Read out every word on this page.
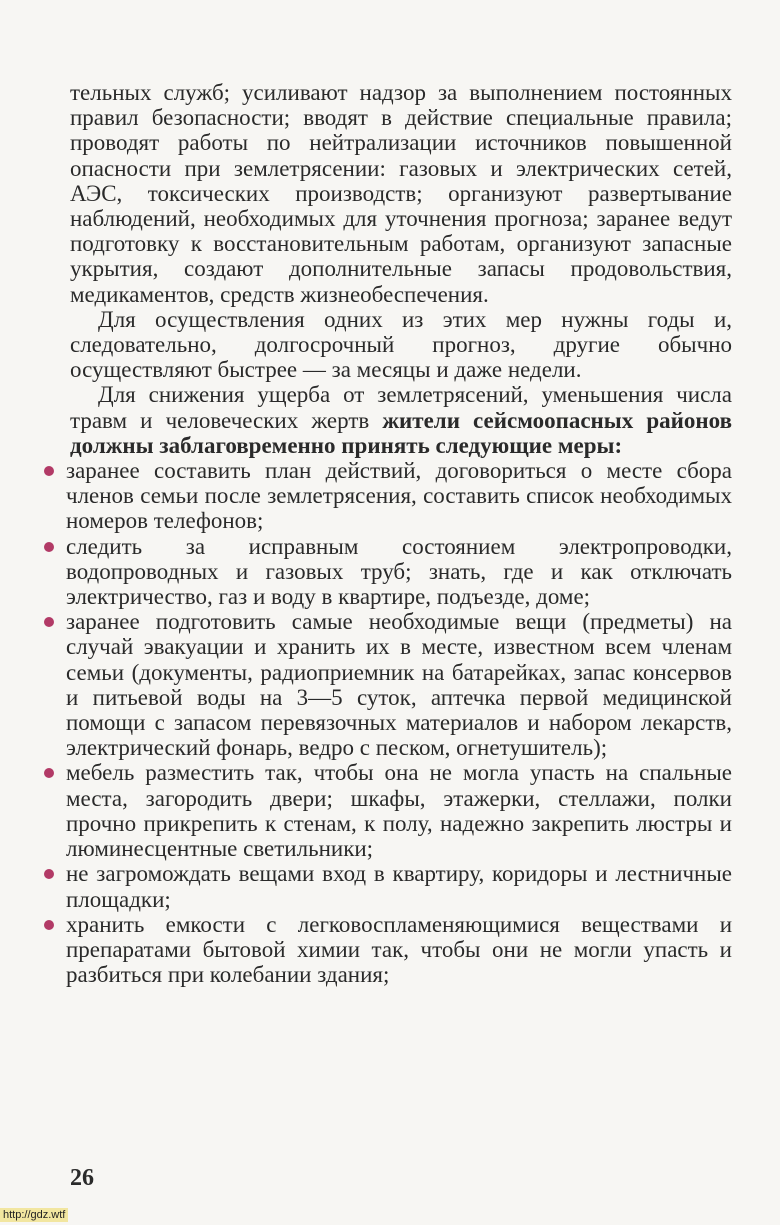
тельных служб; усиливают надзор за выполнением постоянных правил безопасности; вводят в действие специальные правила; проводят работы по нейтрализации источников повышенной опасности при землетрясении: газовых и электрических сетей, АЭС, токсических производств; организуют развертывание наблюдений, необходимых для уточнения прогноза; заранее ведут подготовку к восстановительным работам, организуют запасные укрытия, создают дополнительные запасы продовольствия, медикаментов, средств жизнеобеспечения.

Для осуществления одних из этих мер нужны годы и, следовательно, долгосрочный прогноз, другие обычно осуществляют быстрее — за месяцы и даже недели.

Для снижения ущерба от землетрясений, уменьшения числа травм и человеческих жертв жители сейсмоопасных районов должны заблаговременно принять следующие меры:

заранее составить план действий, договориться о месте сбора членов семьи после землетрясения, составить список необходимых номеров телефонов;
следить за исправным состоянием электропроводки, водопроводных и газовых труб; знать, где и как отключать электричество, газ и воду в квартире, подъезде, доме;
заранее подготовить самые необходимые вещи (предметы) на случай эвакуации и хранить их в месте, известном всем членам семьи (документы, радиоприемник на батарейках, запас консервов и питьевой воды на 3—5 суток, аптечка первой медицинской помощи с запасом перевязочных материалов и набором лекарств, электрический фонарь, ведро с песком, огнетушитель);
мебель разместить так, чтобы она не могла упасть на спальные места, загородить двери; шкафы, этажерки, стеллажи, полки прочно прикрепить к стенам, к полу, надежно закрепить люстры и люминесцентные светильники;
не загромождать вещами вход в квартиру, коридоры и лестничные площадки;
хранить емкости с легковоспламеняющимися веществами и препаратами бытовой химии так, чтобы они не могли упасть и разбиться при колебании здания;
26
http://gdz.wtf
